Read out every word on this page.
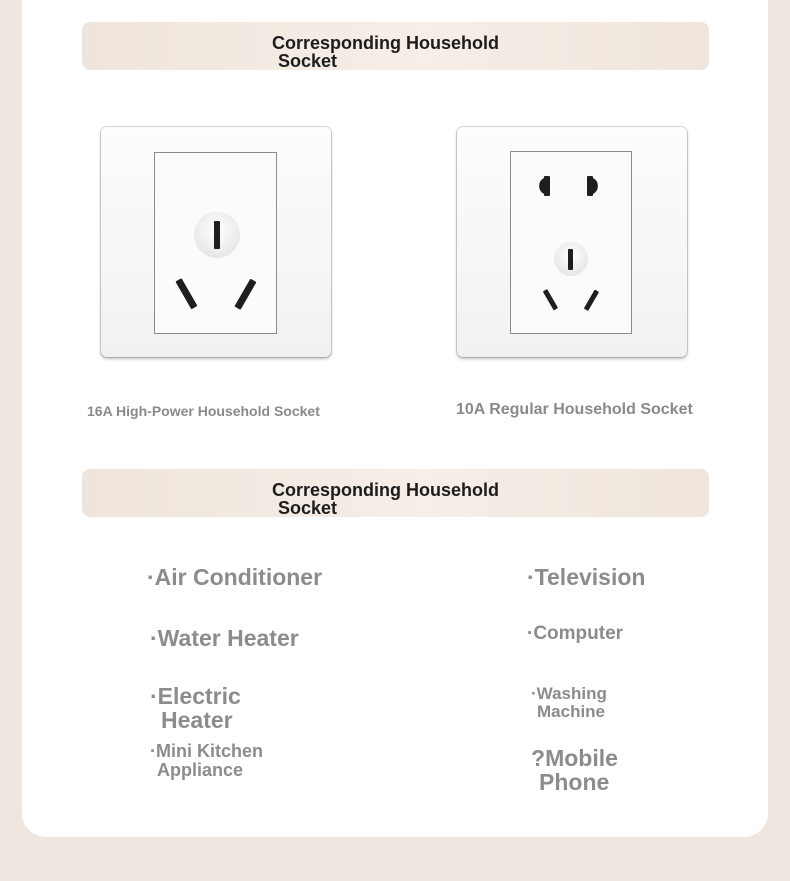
Corresponding Household
Socket
16A High-Power Household Socket	10A Regular Household Socket
Corresponding Household
Socket
·Air Conditioner
·Water Heater
·Electric
Heater
·Mini Kitchen
Appliance
·Television
·Computer
·Washing
Machine
?Mobile
Phone
